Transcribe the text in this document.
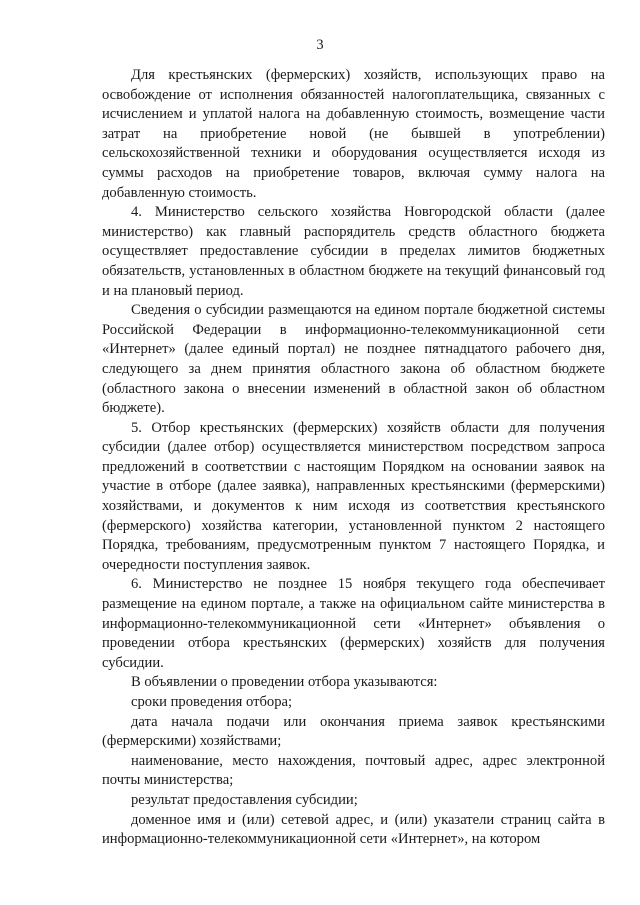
3

Для крестьянских (фермерских) хозяйств, использующих право на освобождение от исполнения обязанностей налогоплательщика, связанных с исчислением и уплатой налога на добавленную стоимость, возмещение части затрат на приобретение новой (не бывшей в употреблении) сельскохозяйственной техники и оборудования осуществляется исходя из суммы расходов на приобретение товаров, включая сумму налога на добавленную стоимость.

4. Министерство сельского хозяйства Новгородской области (далее министерство) как главный распорядитель средств областного бюджета осуществляет предоставление субсидии в пределах лимитов бюджетных обязательств, установленных в областном бюджете на текущий финансовый год и на плановый период.

Сведения о субсидии размещаются на едином портале бюджетной системы Российской Федерации в информационно-телекоммуникационной сети «Интернет» (далее единый портал) не позднее пятнадцатого рабочего дня, следующего за днем принятия областного закона об областном бюджете (областного закона о внесении изменений в областной закон об областном бюджете).

5. Отбор крестьянских (фермерских) хозяйств области для получения субсидии (далее отбор) осуществляется министерством посредством запроса предложений в соответствии с настоящим Порядком на основании заявок на участие в отборе (далее заявка), направленных крестьянскими (фермерскими) хозяйствами, и документов к ним исходя из соответствия крестьянского (фермерского) хозяйства категории, установленной пунктом 2 настоящего Порядка, требованиям, предусмотренным пунктом 7 настоящего Порядка, и очередности поступления заявок.

6. Министерство не позднее 15 ноября текущего года обеспечивает размещение на едином портале, а также на официальном сайте министерства в информационно-телекоммуникационной сети «Интернет» объявления о проведении отбора крестьянских (фермерских) хозяйств для получения субсидии.

В объявлении о проведении отбора указываются:

сроки проведения отбора;

дата начала подачи или окончания приема заявок крестьянскими (фермерскими) хозяйствами;

наименование, место нахождения, почтовый адрес, адрес электронной почты министерства;

результат предоставления субсидии;

доменное имя и (или) сетевой адрес, и (или) указатели страниц сайта в информационно-телекоммуникационной сети «Интернет», на котором
